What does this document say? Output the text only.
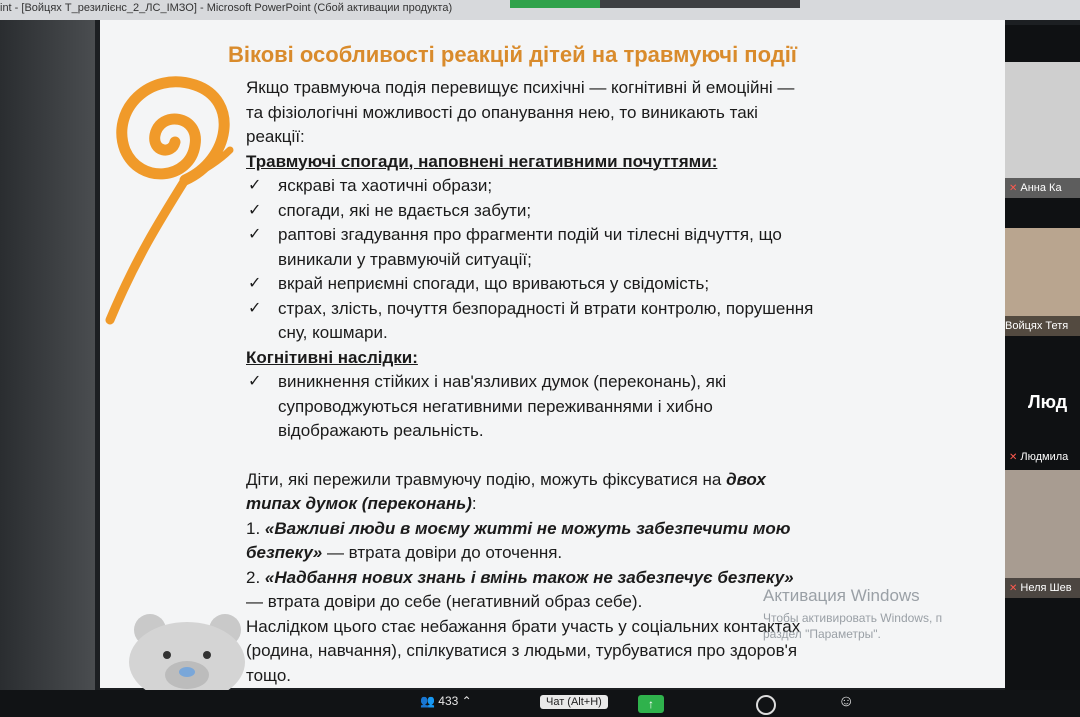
int - [Войцях Т_резилієнс_2_ЛС_ІМЗО] - Microsoft PowerPoint (Сбой активации продукта)
Вікові особливості реакцій дітей на травмуючі події
Якщо травмуюча подія перевищує психічні — когнітивні й емоційні —
та фізіологічні можливості до опанування нею, то виникають такі
реакції:

Травмуючі спогади, наповнені негативними почуттями:

✓ яскраві та хаотичні образи;
✓ спогади, які не вдається забути;
✓ раптові згадування про фрагменти подій чи тілесні відчуття, що
виникали у травмуючій ситуації;
✓ вкрай неприємні спогади, що вриваються у свідомість;
✓ страх, злість, почуття безпорадності й втрати контролю, порушення
сну, кошмари.

Когнітивні наслідки:

✓ виникнення стійких і нав'язливих думок (переконань), які
супроводжуються негативними переживаннями і хибно
відображають реальність.

Діти, які пережили травмуючу подію, можуть фіксуватися на двох
типах думок (переконань):

1. «Важливі люди в моєму житті не можуть забезпечити мою
безпеку» — втрата довіри до оточення.

2. «Надбання нових знань і вмінь також не забезпечує безпеку»
— втрата довіри до себе (негативний образ себе).

Наслідком цього стає небажання брати участь у соціальних контактах
(родина, навчання), спілкуватися з людьми, турбуватися про здоров'я
тощо.
Активация Windows
Чтобы активировать Windows, п
раздел "Параметры".
✕ Анна Ка
Войцях Тетя
Люд
✕ Людмила
✕ Неля Шев
👥 433 ⌃	Чат (Alt+H)	↑	☺
